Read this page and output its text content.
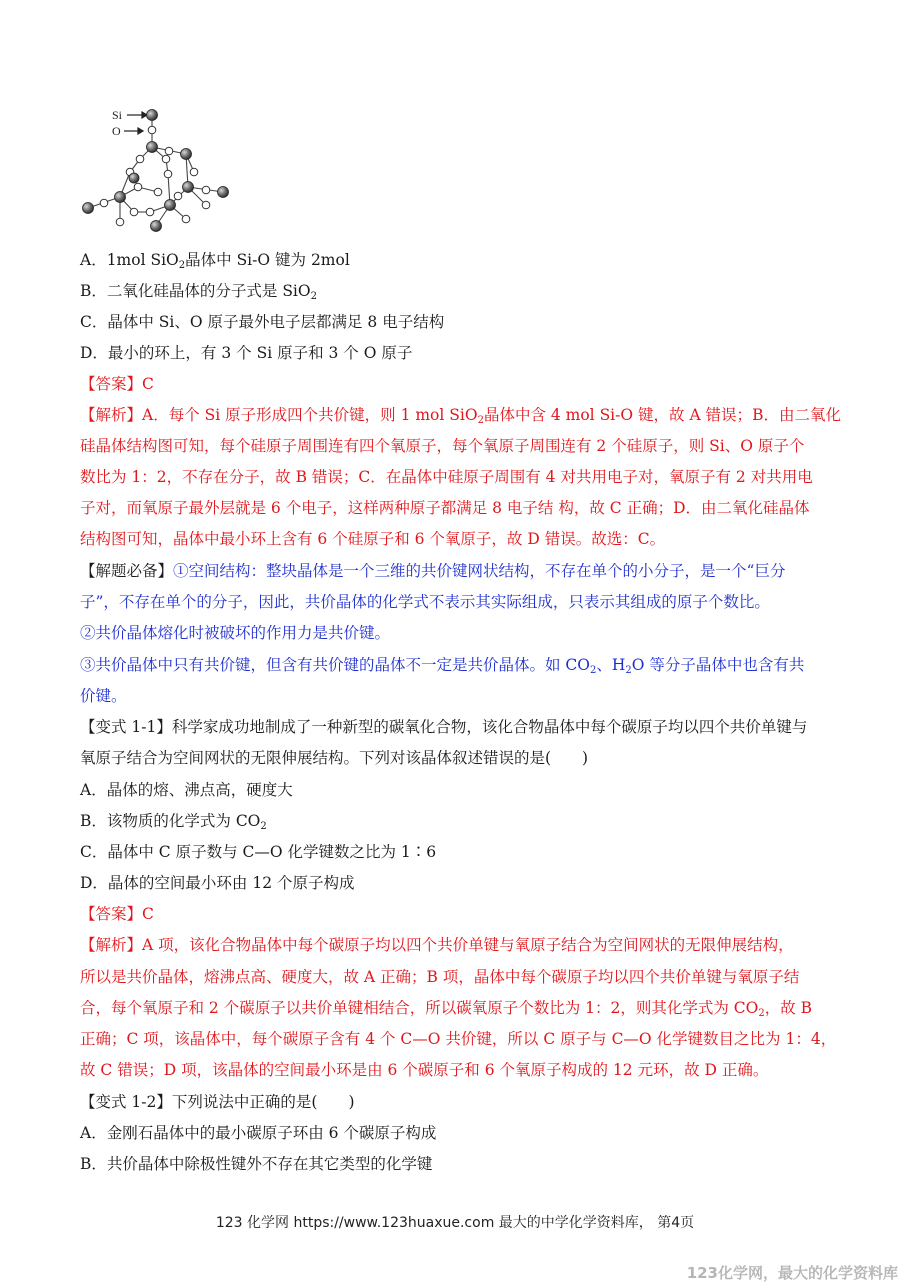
Si
O
A．1mol SiO$_2$晶体中 Si-O 键为 2mol
B．二氧化硅晶体的分子式是 SiO$_2$
C．晶体中 Si、O 原子最外电子层都满足 8 电子结构
D．最小的环上，有 3 个 Si 原子和 3 个 O 原子
【答案】C
【解析】A．每个 Si 原子形成四个共价键，则 1 mol SiO$_2$晶体中含 4 mol Si-O 键，故 A 错误；B．由二氧化
硅晶体结构图可知，每个硅原子周围连有四个氧原子，每个氧原子周围连有 2 个硅原子，则 Si、O 原子个
数比为 1：2，不存在分子，故 B 错误；C．在晶体中硅原子周围有 4 对共用电子对，氧原子有 2 对共用电
子对，而氧原子最外层就是 6 个电子，这样两种原子都满足 8 电子结 构，故 C 正确；D．由二氧化硅晶体
结构图可知，晶体中最小环上含有 6 个硅原子和 6 个氧原子，故 D 错误。故选：C。
【解题必备】①空间结构：整块晶体是一个三维的共价键网状结构，不存在单个的小分子，是一个“巨分
子”，不存在单个的分子，因此，共价晶体的化学式不表示其实际组成，只表示其组成的原子个数比。
②共价晶体熔化时被破坏的作用力是共价键。
③共价晶体中只有共价键，但含有共价键的晶体不一定是共价晶体。如 $CO_2$、$H_2O$ 等分子晶体中也含有共
价键。
【变式 1-1】科学家成功地制成了一种新型的碳氧化合物，该化合物晶体中每个碳原子均以四个共价单键与
氧原子结合为空间网状的无限伸展结构。下列对该晶体叙述错误的是(　　)
A．晶体的熔、沸点高，硬度大
B．该物质的化学式为 $CO_2$
C．晶体中 C 原子数与 C—O 化学键数之比为 1∶6
D．晶体的空间最小环由 12 个原子构成
【答案】C
【解析】A 项，该化合物晶体中每个碳原子均以四个共价单键与氧原子结合为空间网状的无限伸展结构，
所以是共价晶体，熔沸点高、硬度大，故 A 正确；B 项，晶体中每个碳原子均以四个共价单键与氧原子结
合，每个氧原子和 2 个碳原子以共价单键相结合，所以碳氧原子个数比为 1：2，则其化学式为 $CO_2$，故 B
正确；C 项，该晶体中，每个碳原子含有 4 个 C—O 共价键，所以 C 原子与 C—O 化学键数目之比为 1：4，
故 C 错误；D 项，该晶体的空间最小环是由 6 个碳原子和 6 个氧原子构成的 12 元环，故 D 正确。
【变式 1-2】下列说法中正确的是(　　)
A．金刚石晶体中的最小碳原子环由 6 个碳原子构成
B．共价晶体中除极性键外不存在其它类型的化学键
123 化学网 https://www.123huaxue.com 最大的中学化学资料库， 第4页
123化学网，最大的化学资料库
